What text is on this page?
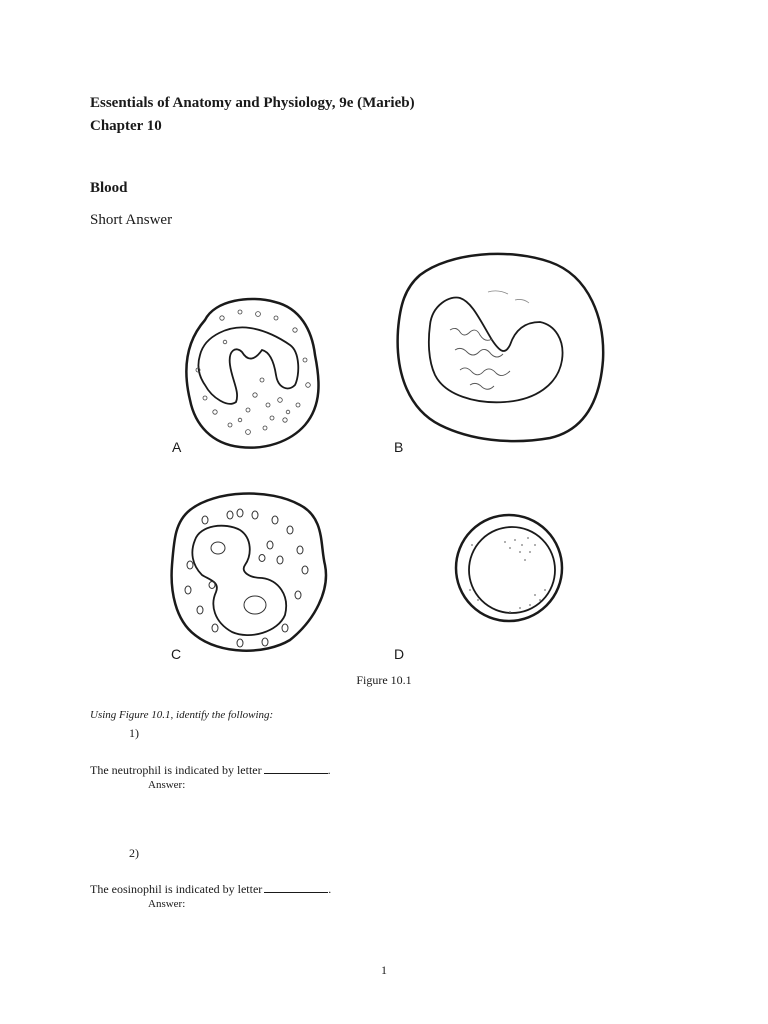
Essentials of Anatomy and Physiology, 9e (Marieb)
Chapter 10
Blood
Short Answer
A	B
C	D
Figure 10.1
Using Figure 10.1, identify the following:
1)
The neutrophil is indicated by letter	.
Answer:
2)
The eosinophil is indicated by letter	.
Answer:
1
